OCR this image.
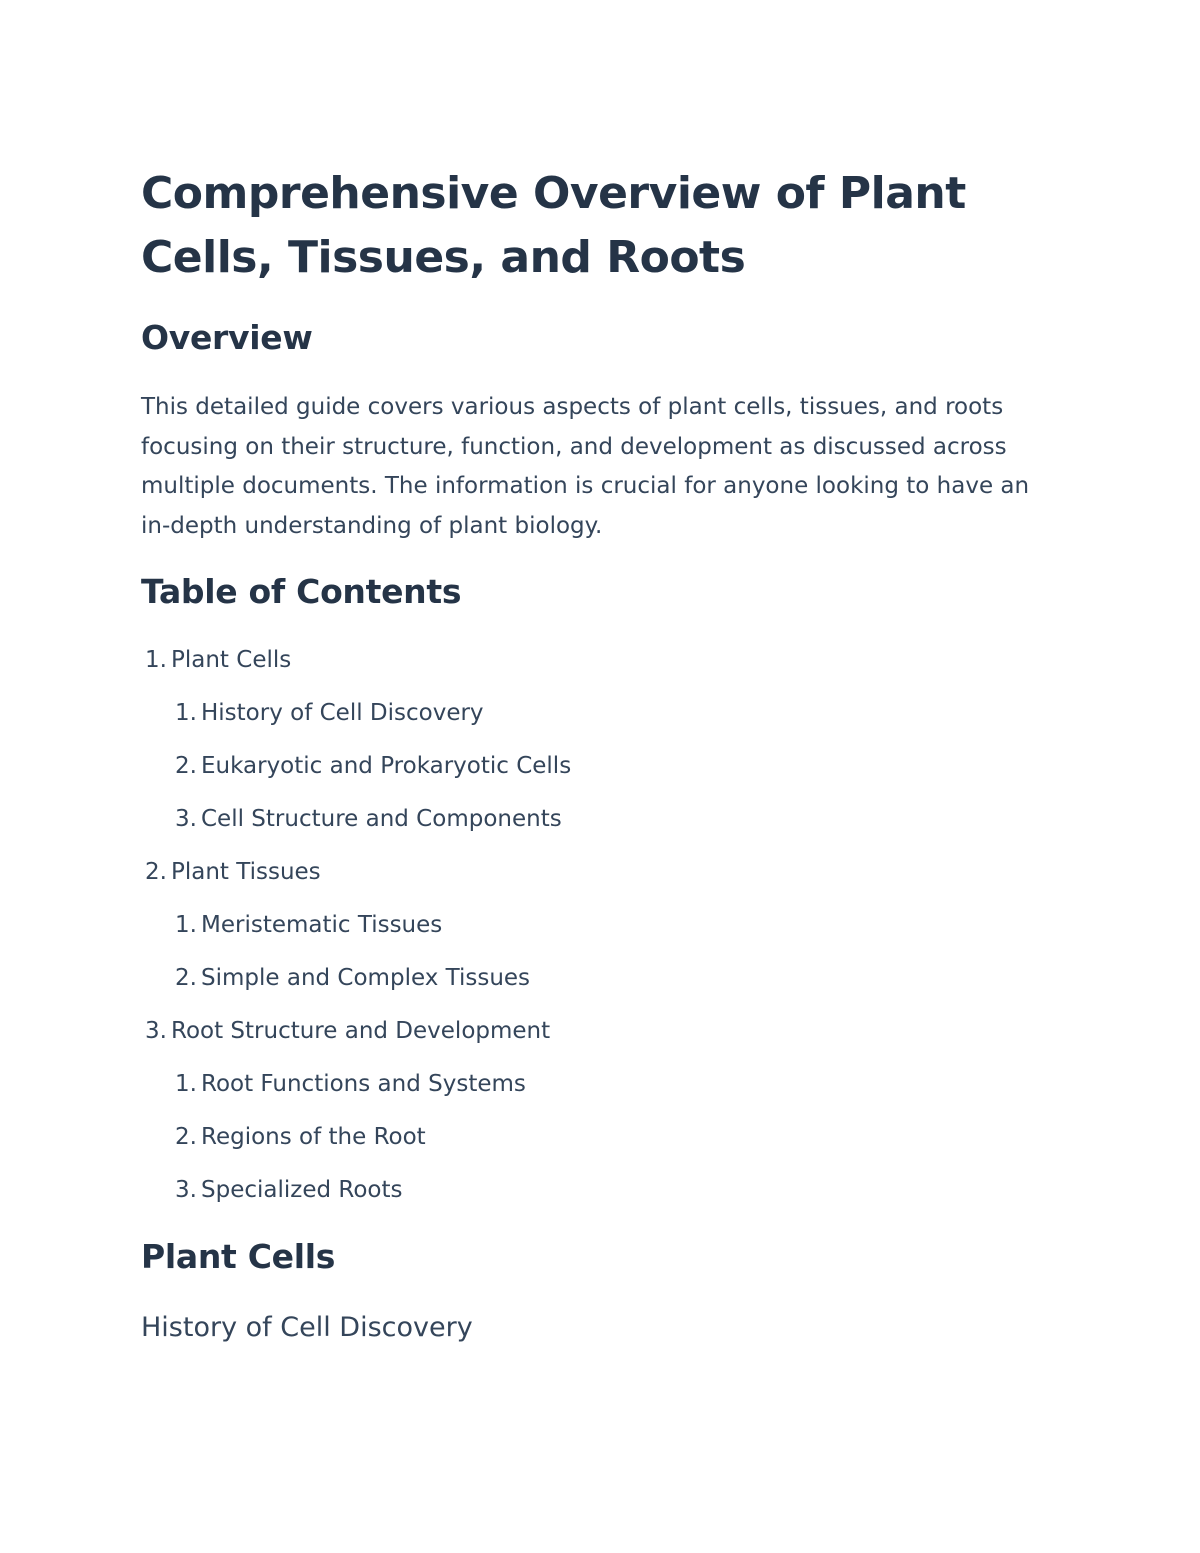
Comprehensive Overview of Plant Cells, Tissues, and Roots
Overview

This detailed guide covers various aspects of plant cells, tissues, and roots focusing on their structure, function, and development as discussed across multiple documents. The information is crucial for anyone looking to have an in-depth understanding of plant biology.

Table of Contents
1. Plant Cells
1. History of Cell Discovery
2. Eukaryotic and Prokaryotic Cells
3. Cell Structure and Components
2. Plant Tissues
1. Meristematic Tissues
2. Simple and Complex Tissues
3. Root Structure and Development
1. Root Functions and Systems
2. Regions of the Root
3. Specialized Roots
Plant Cells
History of Cell Discovery
